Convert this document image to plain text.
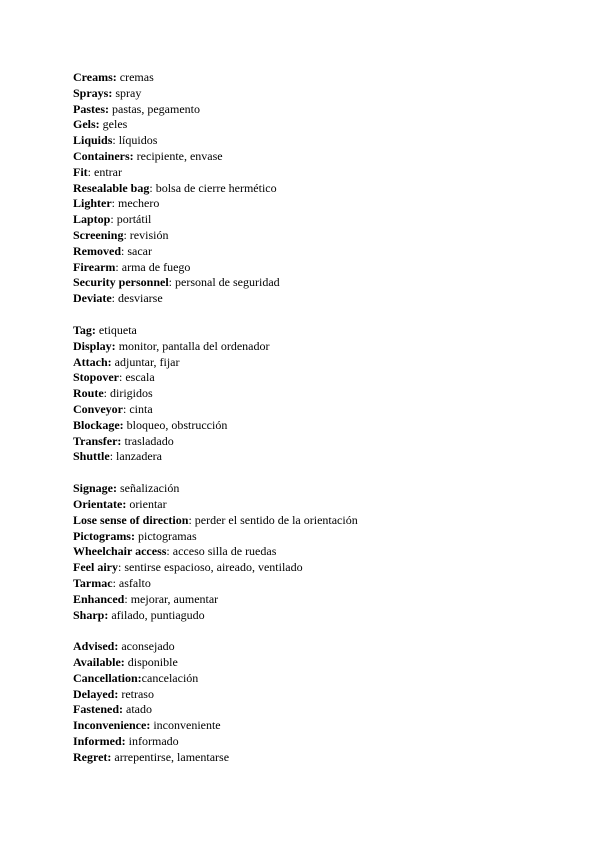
Creams: cremas
Sprays: spray
Pastes: pastas, pegamento
Gels: geles
Liquids: líquidos
Containers: recipiente, envase
Fit: entrar
Resealable bag: bolsa de cierre hermético
Lighter: mechero
Laptop: portátil
Screening: revisión
Removed: sacar
Firearm: arma de fuego
Security personnel: personal de seguridad
Deviate: desviarse
Tag: etiqueta
Display: monitor, pantalla del ordenador
Attach: adjuntar, fijar
Stopover: escala
Route: dirigidos
Conveyor: cinta
Blockage: bloqueo, obstrucción
Transfer: trasladado
Shuttle: lanzadera
Signage: señalización
Orientate: orientar
Lose sense of direction: perder el sentido de la orientación
Pictograms: pictogramas
Wheelchair access: acceso silla de ruedas
Feel airy: sentirse espacioso, aireado, ventilado
Tarmac: asfalto
Enhanced: mejorar, aumentar
Sharp: afilado, puntiagudo
Advised: aconsejado
Available: disponible
Cancellation:cancelación
Delayed: retraso
Fastened: atado
Inconvenience: inconveniente
Informed: informado
Regret: arrepentirse, lamentarse
